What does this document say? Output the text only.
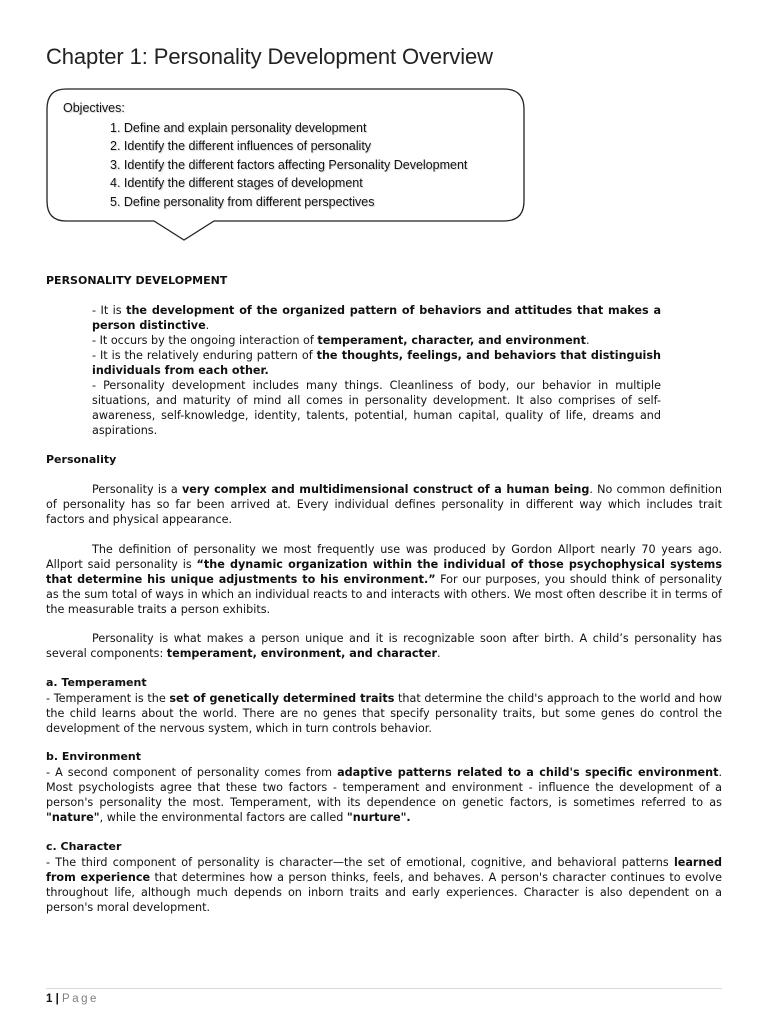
Chapter 1: Personality Development Overview
Objectives:
1. Define and explain personality development
2. Identify the different influences of personality
3. Identify the different factors affecting Personality Development
4. Identify the different stages of development
5. Define personality from different perspectives
PERSONALITY DEVELOPMENT

- It is the development of the organized pattern of behaviors and attitudes that makes a person distinctive.

- It occurs by the ongoing interaction of temperament, character, and environment.

- It is the relatively enduring pattern of the thoughts, feelings, and behaviors that distinguish individuals from each other.

- Personality development includes many things. Cleanliness of body, our behavior in multiple situations, and maturity of mind all comes in personality development. It also comprises of self-awareness, self-knowledge, identity, talents, potential, human capital, quality of life, dreams and aspirations.

Personality

Personality is a very complex and multidimensional construct of a human being. No common definition of personality has so far been arrived at. Every individual defines personality in different way which includes trait factors and physical appearance.

The definition of personality we most frequently use was produced by Gordon Allport nearly 70 years ago. Allport said personality is “the dynamic organization within the individual of those psychophysical systems that determine his unique adjustments to his environment.” For our purposes, you should think of personality as the sum total of ways in which an individual reacts to and interacts with others. We most often describe it in terms of the measurable traits a person exhibits.

Personality is what makes a person unique and it is recognizable soon after birth. A child’s personality has several components: temperament, environment, and character.

a. Temperament

- Temperament is the set of genetically determined traits that determine the child's approach to the world and how the child learns about the world. There are no genes that specify personality traits, but some genes do control the development of the nervous system, which in turn controls behavior.

b. Environment

- A second component of personality comes from adaptive patterns related to a child's specific environment. Most psychologists agree that these two factors - temperament and environment - influence the development of a person's personality the most. Temperament, with its dependence on genetic factors, is sometimes referred to as "nature", while the environmental factors are called "nurture".

c. Character

- The third component of personality is character—the set of emotional, cognitive, and behavioral patterns learned from experience that determines how a person thinks, feels, and behaves. A person's character continues to evolve throughout life, although much depends on inborn traits and early experiences. Character is also dependent on a person's moral development.

1 | Page
